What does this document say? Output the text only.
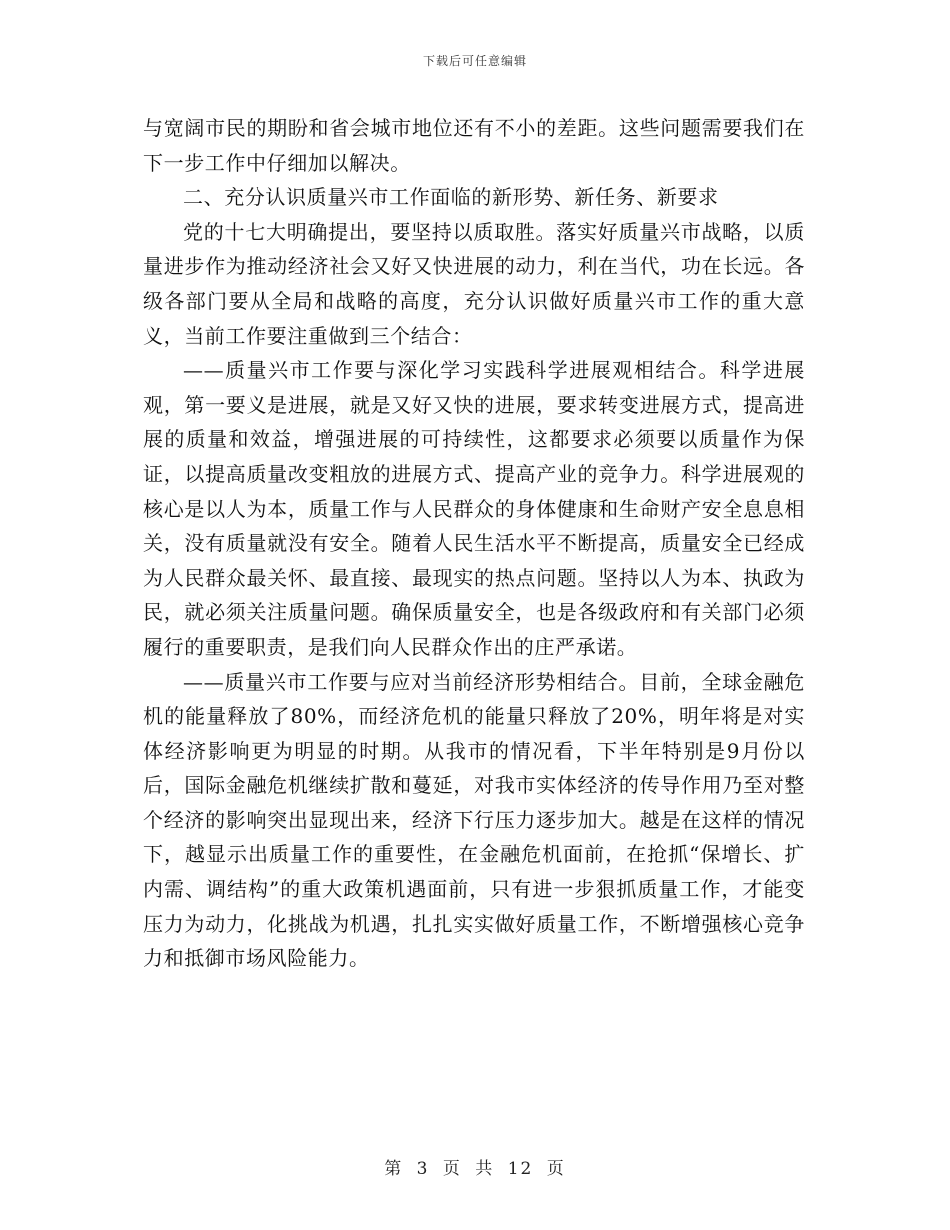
下载后可任意编辑

与宽阔市民的期盼和省会城市地位还有不小的差距。这些问题需要我们在下一步工作中仔细加以解决。

二、充分认识质量兴市工作面临的新形势、新任务、新要求

党的十七大明确提出，要坚持以质取胜。落实好质量兴市战略，以质量进步作为推动经济社会又好又快进展的动力，利在当代，功在长远。各级各部门要从全局和战略的高度，充分认识做好质量兴市工作的重大意义，当前工作要注重做到三个结合：

——质量兴市工作要与深化学习实践科学进展观相结合。科学进展观，第一要义是进展，就是又好又快的进展，要求转变进展方式，提高进展的质量和效益，增强进展的可持续性，这都要求必须要以质量作为保证，以提高质量改变粗放的进展方式、提高产业的竞争力。科学进展观的核心是以人为本，质量工作与人民群众的身体健康和生命财产安全息息相关，没有质量就没有安全。随着人民生活水平不断提高，质量安全已经成为人民群众最关怀、最直接、最现实的热点问题。坚持以人为本、执政为民，就必须关注质量问题。确保质量安全，也是各级政府和有关部门必须履行的重要职责，是我们向人民群众作出的庄严承诺。

——质量兴市工作要与应对当前经济形势相结合。目前，全球金融危机的能量释放了80%，而经济危机的能量只释放了20%，明年将是对实体经济影响更为明显的时期。从我市的情况看，下半年特别是9月份以后，国际金融危机继续扩散和蔓延，对我市实体经济的传导作用乃至对整个经济的影响突出显现出来，经济下行压力逐步加大。越是在这样的情况下，越显示出质量工作的重要性，在金融危机面前，在抢抓“保增长、扩内需、调结构”的重大政策机遇面前，只有进一步狠抓质量工作，才能变压力为动力，化挑战为机遇，扎扎实实做好质量工作，不断增强核心竞争力和抵御市场风险能力。

第 3 页 共 12 页
